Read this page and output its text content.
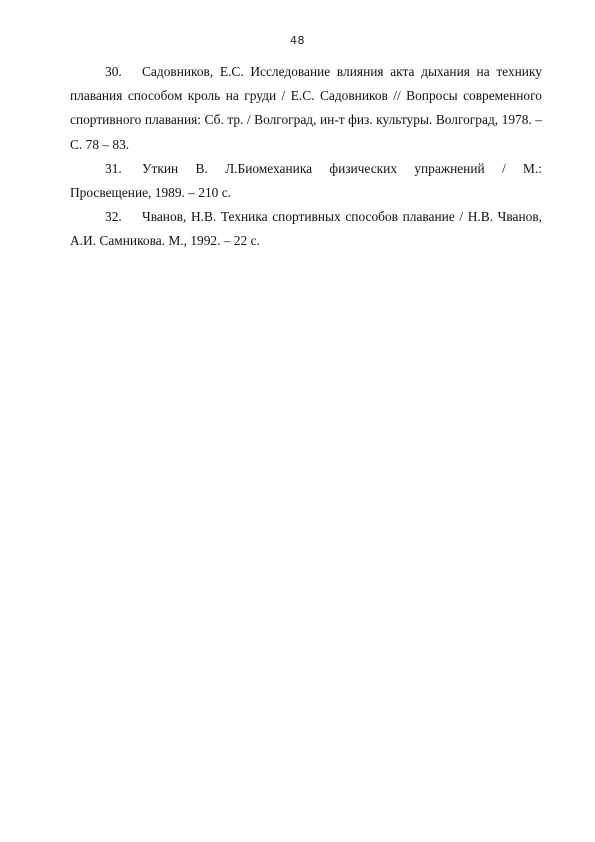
48

30. Садовников, Е.С. Исследование влияния акта дыхания на технику плавания способом кроль на груди / Е.С. Садовников // Вопросы современного спортивного плавания: Сб. тр. / Волгоград, ин-т физ. культуры. Волгоград, 1978. – С. 78 – 83.

31. Уткин В. Л.Биомеханика физических упражнений / М.: Просвещение, 1989. – 210 с.

32. Чванов, Н.В. Техника спортивных способов плавание / Н.В. Чванов, А.И. Самникова. М., 1992. – 22 с.
